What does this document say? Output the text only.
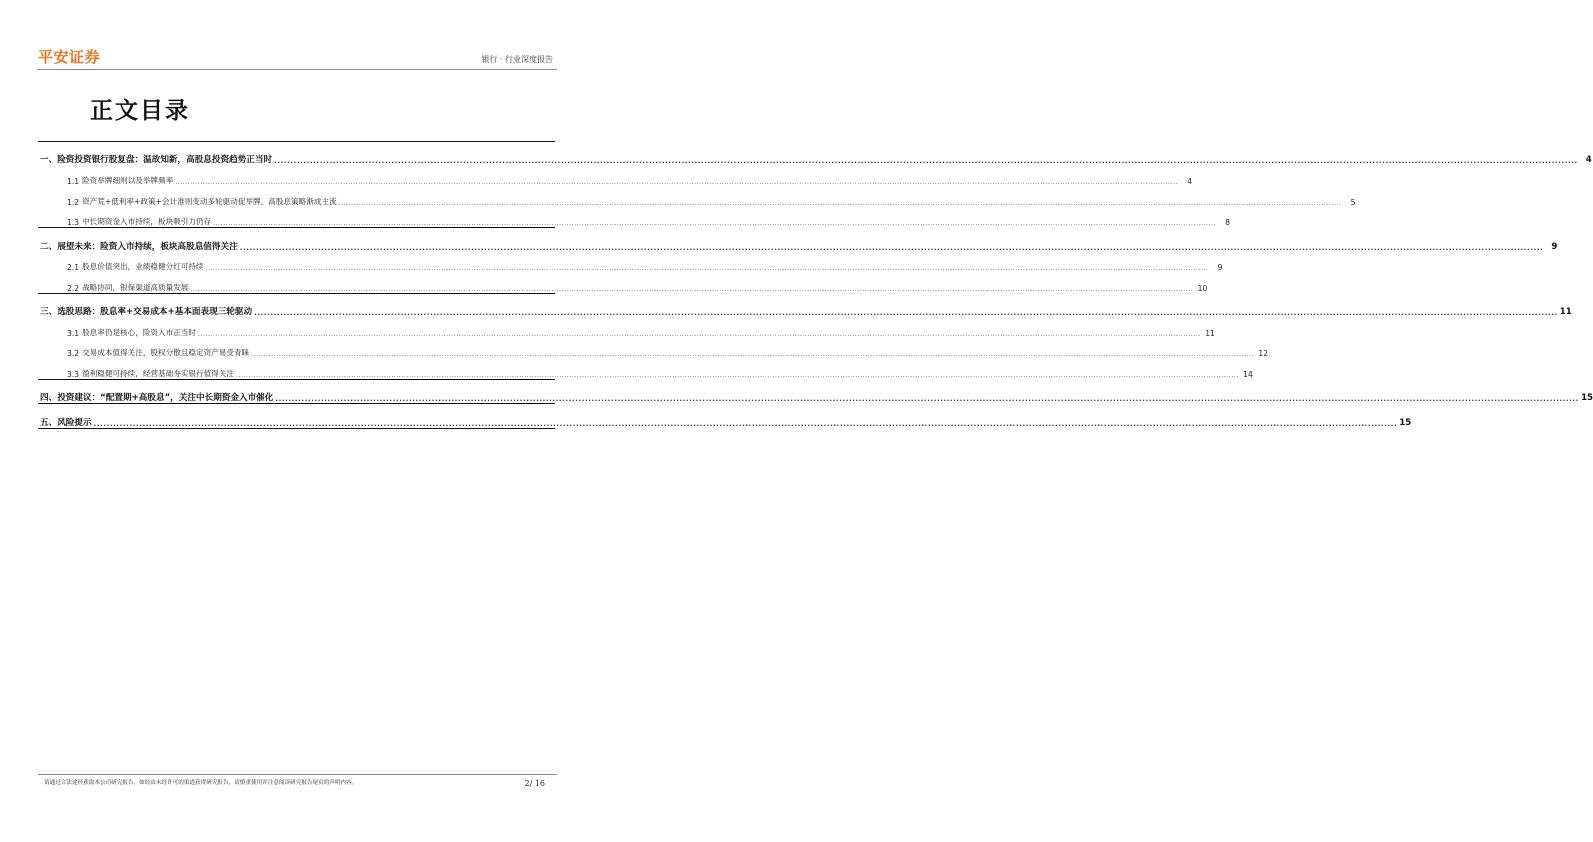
平安证券	银行 · 行业深度报告
正文目录
一、 险资投资银行股复盘：温故知新，高股息投资趋势正当时 ................................................................................................................................................................................................................................................................................................................................................................................................................ 4
1.1 险资举牌细则以及举牌频率 ................................................................................................................................................................................................................................................................................................................................................................................................................	4
1.2 资产荒+低利率+政策+会计准则变动多轮驱动促举牌，高股息策略渐成主流 ................................................................................................................................................................................................................................................................................................................................................................................................................	5
1.3 中长期资金入市持续，板块吸引力仍存 ................................................................................................................................................................................................................................................................................................................................................................................................................	8
二、 展望未来：险资入市持续，板块高股息值得关注 ................................................................................................................................................................................................................................................................................................................................................................................................................ 9
2.1 股息价值突出，业绩稳健分红可持续 ................................................................................................................................................................................................................................................................................................................................................................................................................	9
2.2 战略协同，银保渠道高质量发展 ................................................................................................................................................................................................................................................................................................................................................................................................................ 10
三、 选股思路：股息率+交易成本+基本面表现三轮驱动 ................................................................................................................................................................................................................................................................................................................................................................................................................ 11
3.1 股息率仍是核心，险资入市正当时 ................................................................................................................................................................................................................................................................................................................................................................................................................ 11
3.2 交易成本值得关注，股权分散且稳定资产易受青睐 ................................................................................................................................................................................................................................................................................................................................................................................................................ 12
3.3 盈利稳健可持续，经营基础夯实银行值得关注 ................................................................................................................................................................................................................................................................................................................................................................................................................ 14
四、 投资建议：“配置期+高股息”，关注中长期资金入市催化 ................................................................................................................................................................................................................................................................................................................................................................................................................ 15
五、 风险提示 ................................................................................................................................................................................................................................................................................................................................................................................................................ 15
请通过合法途径获取本公司研究报告，如经由未经许可的渠道获得研究报告，请慎重使用并注意阅读研究报告尾页的声明内容。	2/ 16
